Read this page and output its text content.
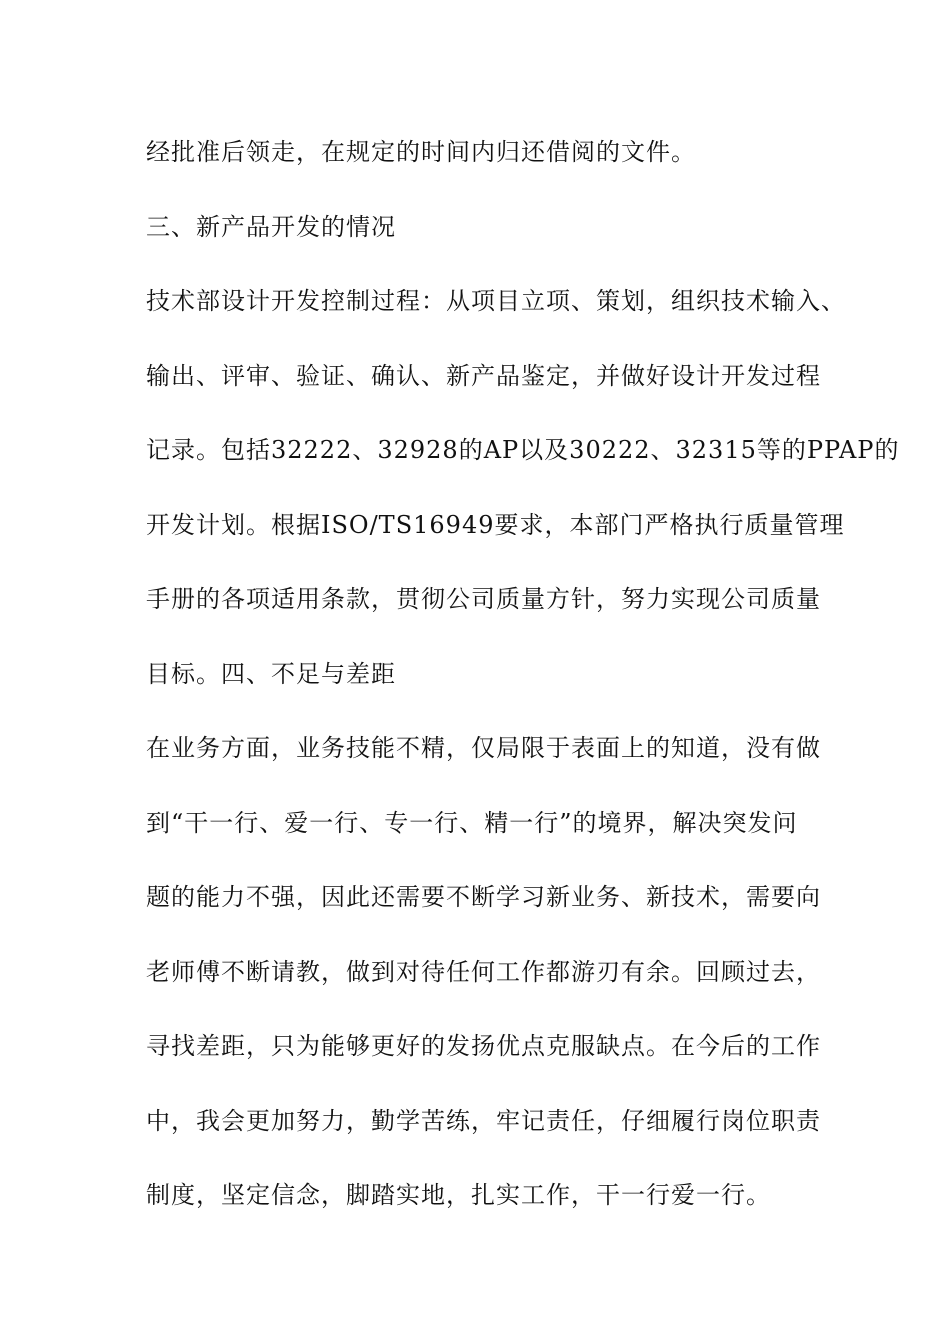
经批准后领走，在规定的时间内归还借阅的文件。
三、新产品开发的情况
技术部设计开发控制过程：从项目立项、策划，组织技术输入、
输出、评审、验证、确认、新产品鉴定，并做好设计开发过程
记录。包括32222、32928的AP以及30222、32315等的PPAP的
开发计划。根据ISO/TS16949要求，本部门严格执行质量管理
手册的各项适用条款，贯彻公司质量方针，努力实现公司质量
目标。四、不足与差距
在业务方面，业务技能不精，仅局限于表面上的知道，没有做
到“干一行、爱一行、专一行、精一行”的境界，解决突发问
题的能力不强，因此还需要不断学习新业务、新技术，需要向
老师傅不断请教，做到对待任何工作都游刃有余。回顾过去，
寻找差距，只为能够更好的发扬优点克服缺点。在今后的工作
中，我会更加努力，勤学苦练，牢记责任，仔细履行岗位职责
制度，坚定信念，脚踏实地，扎实工作，干一行爱一行。
